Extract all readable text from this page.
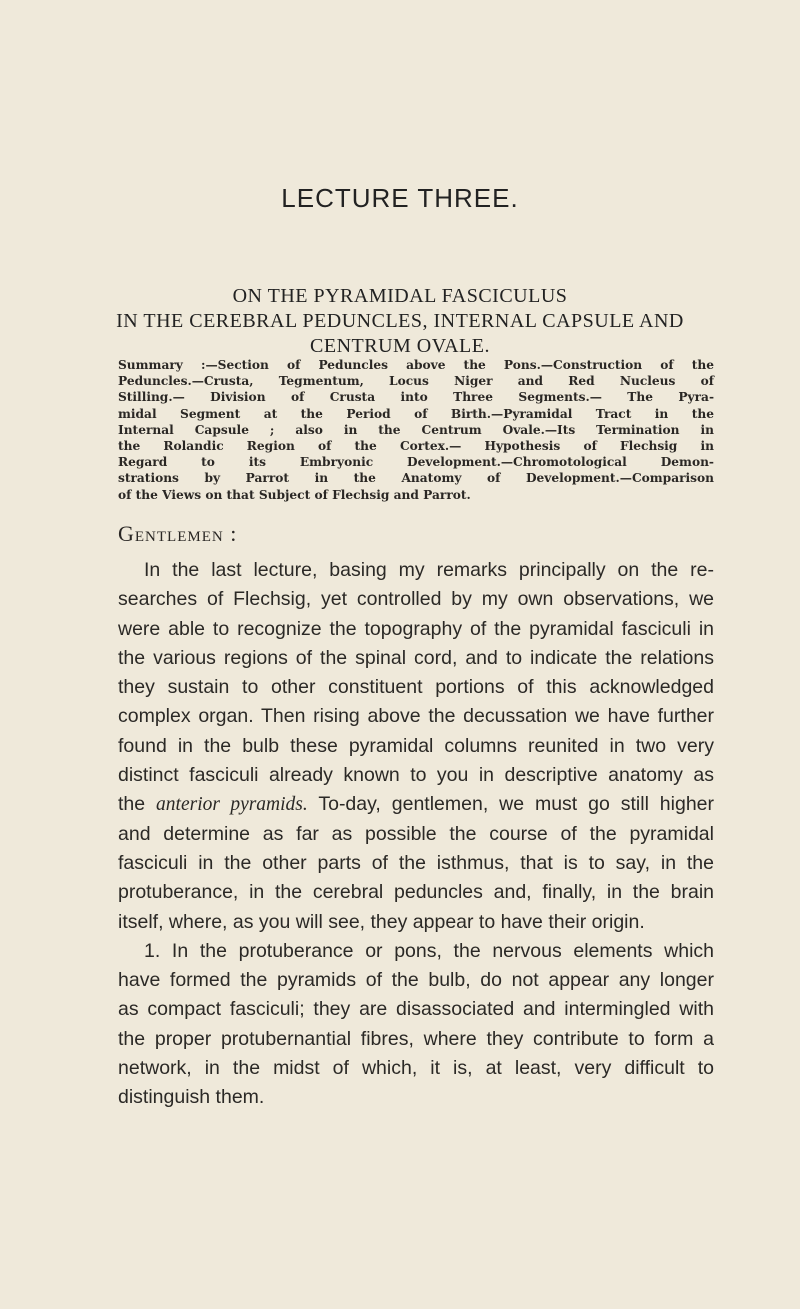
LECTURE THREE.
ON THE PYRAMIDAL FASCICULUS
IN THE CEREBRAL PEDUNCLES, INTERNAL CAPSULE AND
CENTRUM OVALE.
Summary :—Section of Peduncles above the Pons.—Construction of the
Peduncles.—Crusta, Tegmentum, Locus Niger and Red Nucleus of
Stilling.— Division of Crusta into Three Segments.— The Pyra-
midal Segment at the Period of Birth.—Pyramidal Tract in the
Internal Capsule ; also in the Centrum Ovale.—Its Termination in
the Rolandic Region of the Cortex.— Hypothesis of Flechsig in
Regard to its Embryonic Development.—Chromotological Demon-
strations by Parrot in the Anatomy of Development.—Comparison
of the Views on that Subject of Flechsig and Parrot.
Gentlemen :
In the last lecture, basing my remarks principally on the re-
searches of Flechsig, yet controlled by my own observations, we
were able to recognize the topography of the pyramidal fasciculi in
the various regions of the spinal cord, and to indicate the relations
they sustain to other constituent portions of this acknowledged
complex organ. Then rising above the decussation we have further
found in the bulb these pyramidal columns reunited in two very
distinct fasciculi already known to you in descriptive anatomy as
the anterior pyramids. To-day, gentlemen, we must go still higher
and determine as far as possible the course of the pyramidal
fasciculi in the other parts of the isthmus, that is to say, in the
protuberance, in the cerebral peduncles and, finally, in the brain
itself, where, as you will see, they appear to have their origin.
1. In the protuberance or pons, the nervous elements which
have formed the pyramids of the bulb, do not appear any longer
as compact fasciculi; they are disassociated and intermingled with
the proper protubernantial fibres, where they contribute to form a
network, in the midst of which, it is, at least, very difficult to
distinguish them.
